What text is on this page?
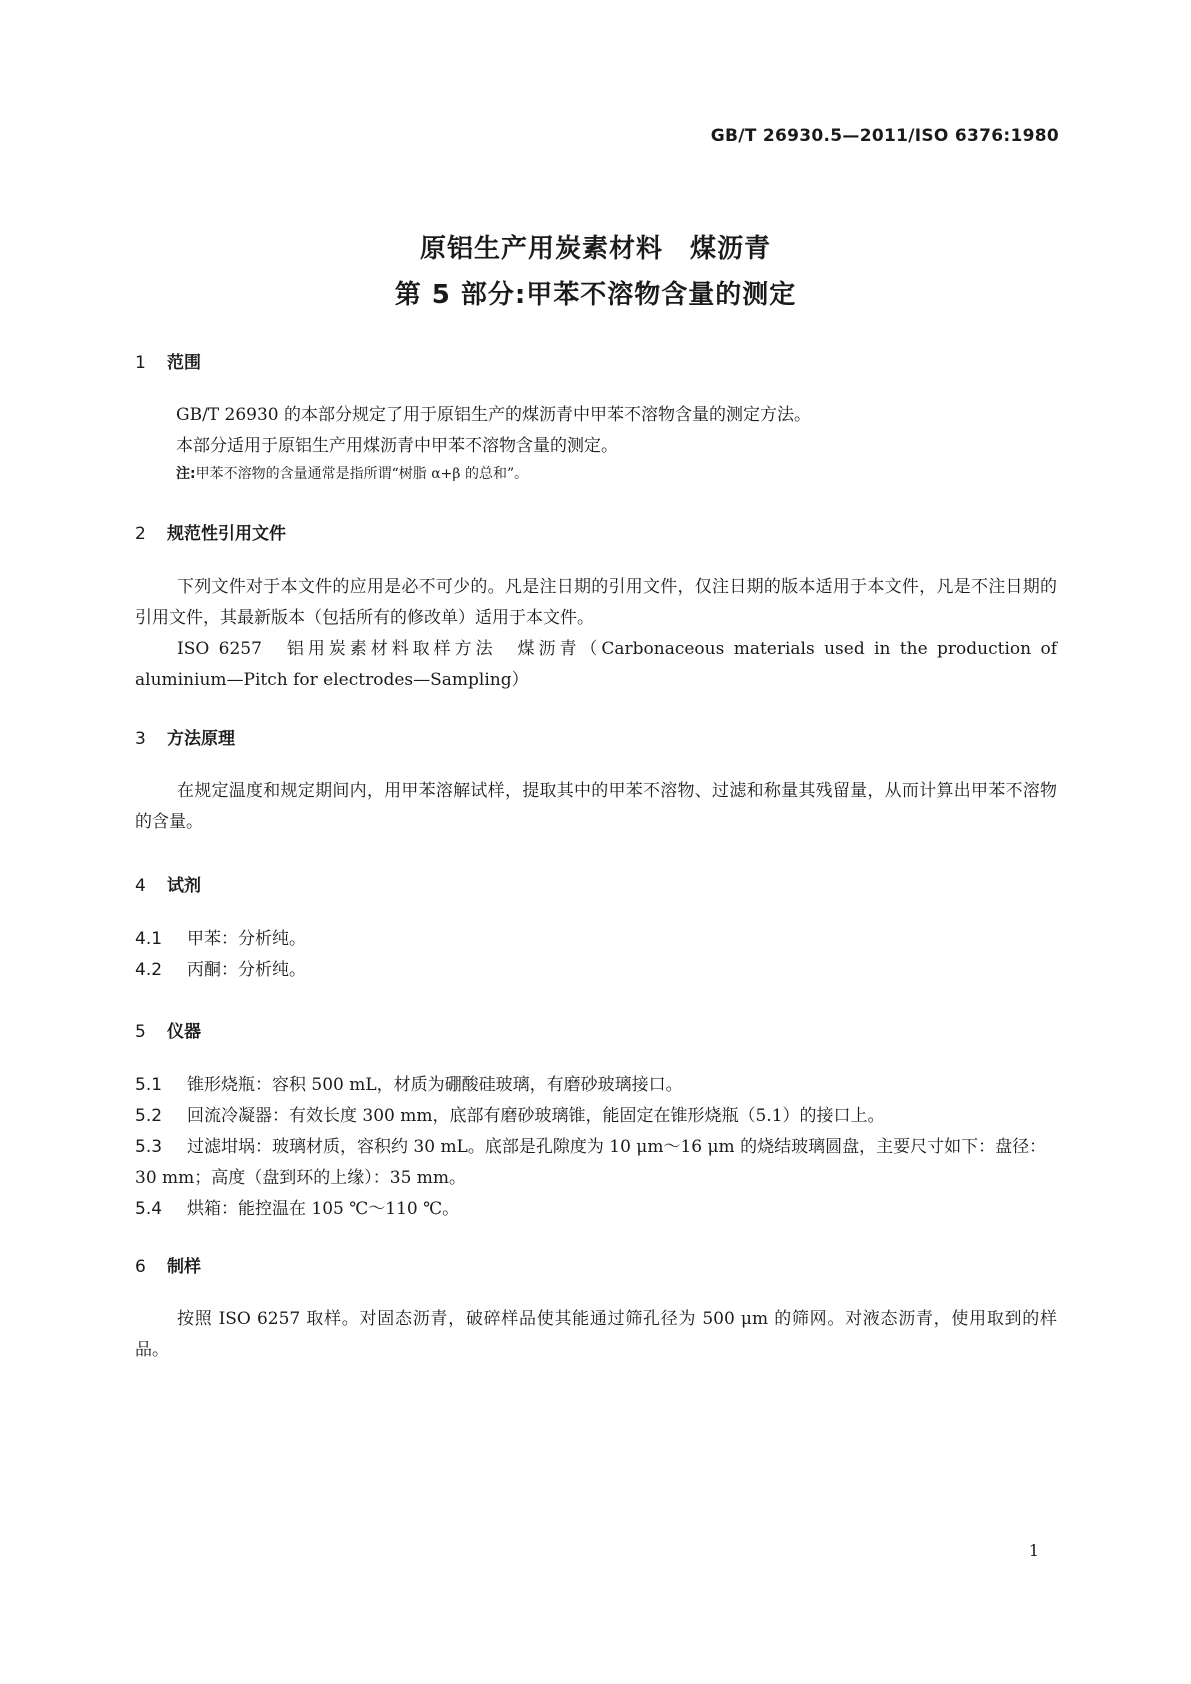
GB/T 26930.5—2011/ISO 6376:1980
原铝生产用炭素材料　煤沥青
第 5 部分:甲苯不溶物含量的测定
1 范围
GB/T 26930 的本部分规定了用于原铝生产的煤沥青中甲苯不溶物含量的测定方法。
本部分适用于原铝生产用煤沥青中甲苯不溶物含量的测定。
注:甲苯不溶物的含量通常是指所谓“树脂 α+β 的总和”。
2 规范性引用文件
下列文件对于本文件的应用是必不可少的。凡是注日期的引用文件，仅注日期的版本适用于本文件，凡是不注日期的引用文件，其最新版本（包括所有的修改单）适用于本文件。
ISO 6257　铝用炭素材料取样方法　煤沥青（Carbonaceous materials used in the production of aluminium—Pitch for electrodes—Sampling）
3 方法原理
在规定温度和规定期间内，用甲苯溶解试样，提取其中的甲苯不溶物、过滤和称量其残留量，从而计算出甲苯不溶物的含量。
4 试剂
4.1 甲苯：分析纯。
4.2 丙酮：分析纯。
5 仪器
5.1 锥形烧瓶：容积 500 mL，材质为硼酸硅玻璃，有磨砂玻璃接口。
5.2 回流冷凝器：有效长度 300 mm，底部有磨砂玻璃锥，能固定在锥形烧瓶（5.1）的接口上。
5.3 过滤坩埚：玻璃材质，容积约 30 mL。底部是孔隙度为 10 μm～16 μm 的烧结玻璃圆盘，主要尺寸如下：盘径：30 mm；高度（盘到环的上缘）：35 mm。
5.4 烘箱：能控温在 105 ℃～110 ℃。
6 制样
按照 ISO 6257 取样。对固态沥青，破碎样品使其能通过筛孔径为 500 μm 的筛网。对液态沥青，使用取到的样品。
1
